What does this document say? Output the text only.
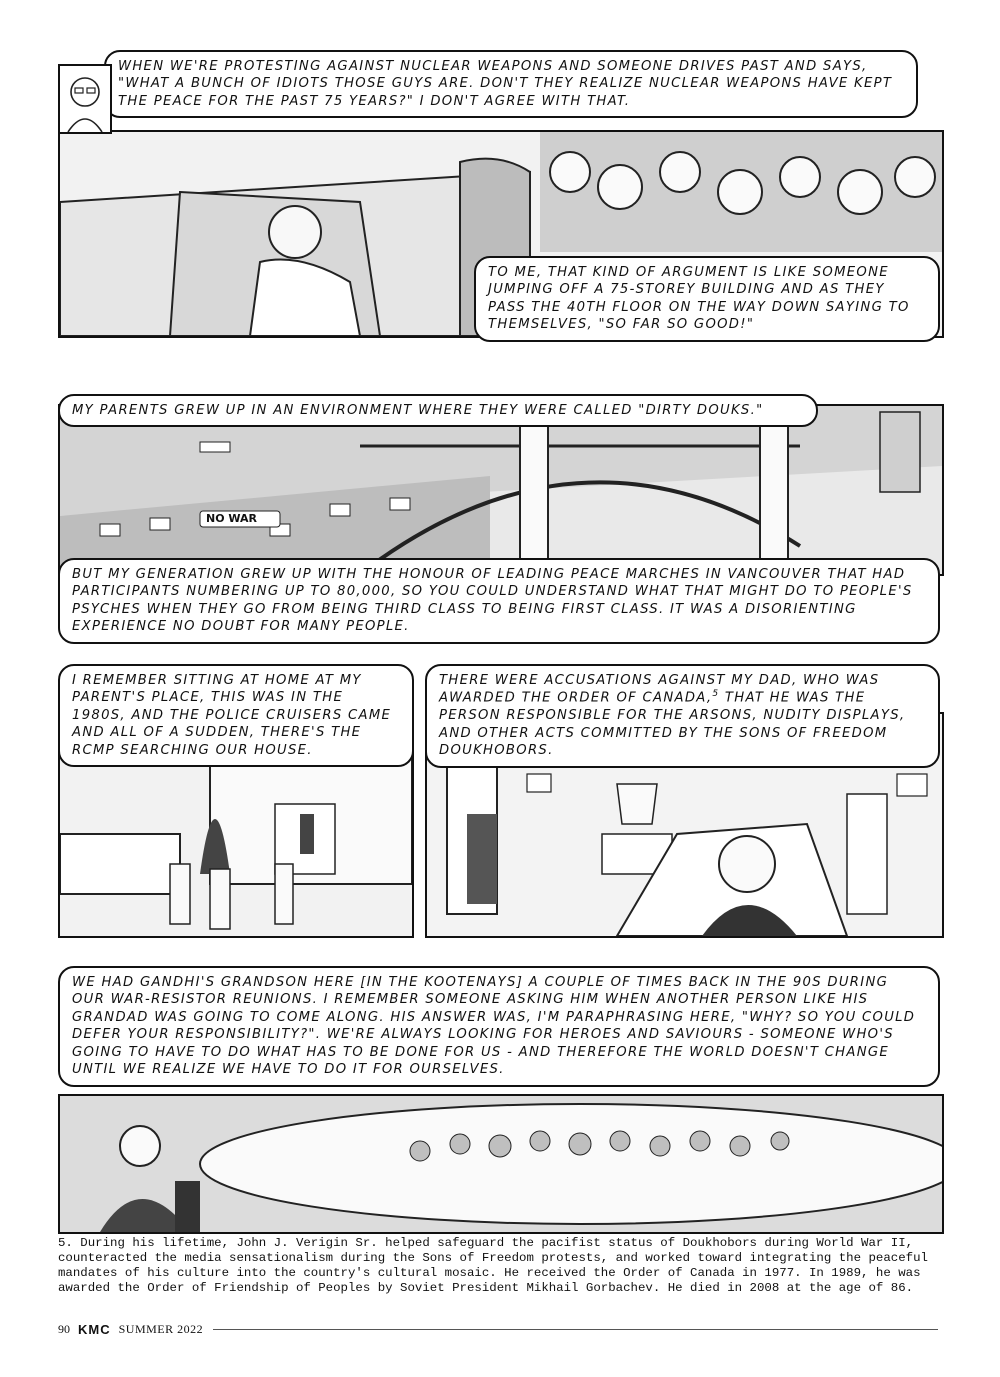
WHEN WE'RE PROTESTING AGAINST NUCLEAR WEAPONS AND SOMEONE DRIVES PAST AND SAYS, "WHAT A BUNCH OF IDIOTS THOSE GUYS ARE. DON'T THEY REALIZE NUCLEAR WEAPONS HAVE KEPT THE PEACE FOR THE PAST 75 YEARS?" I DON'T AGREE WITH THAT.

TO ME, THAT KIND OF ARGUMENT IS LIKE SOMEONE JUMPING OFF A 75-STOREY BUILDING AND AS THEY PASS THE 40TH FLOOR ON THE WAY DOWN SAYING TO THEMSELVES, "SO FAR SO GOOD!"

NO WAR

MY PARENTS GREW UP IN AN ENVIRONMENT WHERE THEY WERE CALLED "DIRTY DOUKS."

BUT MY GENERATION GREW UP WITH THE HONOUR OF LEADING PEACE MARCHES IN VANCOUVER THAT HAD PARTICIPANTS NUMBERING UP TO 80,000, SO YOU COULD UNDERSTAND WHAT THAT MIGHT DO TO PEOPLE'S PSYCHES WHEN THEY GO FROM BEING THIRD CLASS TO BEING FIRST CLASS. IT WAS A DISORIENTING EXPERIENCE NO DOUBT FOR MANY PEOPLE.

I REMEMBER SITTING AT HOME AT MY PARENT'S PLACE, THIS WAS IN THE 1980S, AND THE POLICE CRUISERS CAME AND ALL OF A SUDDEN, THERE'S THE RCMP SEARCHING OUR HOUSE.

THERE WERE ACCUSATIONS AGAINST MY DAD, WHO WAS AWARDED THE ORDER OF CANADA,$^5$ THAT HE WAS THE PERSON RESPONSIBLE FOR THE ARSONS, NUDITY DISPLAYS, AND OTHER ACTS COMMITTED BY THE SONS OF FREEDOM DOUKHOBORS.

WE HAD GANDHI'S GRANDSON HERE [IN THE KOOTENAYS] A COUPLE OF TIMES BACK IN THE 90S DURING OUR WAR-RESISTOR REUNIONS. I REMEMBER SOMEONE ASKING HIM WHEN ANOTHER PERSON LIKE HIS GRANDAD WAS GOING TO COME ALONG. HIS ANSWER WAS, I'M PARAPHRASING HERE, "WHY? SO YOU COULD DEFER YOUR RESPONSIBILITY?". WE'RE ALWAYS LOOKING FOR HEROES AND SAVIOURS - SOMEONE WHO'S GOING TO HAVE TO DO WHAT HAS TO BE DONE FOR US - AND THEREFORE THE WORLD DOESN'T CHANGE UNTIL WE REALIZE WE HAVE TO DO IT FOR OURSELVES.

5. During his lifetime, John J. Verigin Sr. helped safeguard the pacifist status of Doukhobors during World War II, counteracted the media sensationalism during the Sons of Freedom protests, and worked toward integrating the peaceful mandates of his culture into the country's cultural mosaic. He received the Order of Canada in 1977. In 1989, he was awarded the Order of Friendship of Peoples by Soviet President Mikhail Gorbachev. He died in 2008 at the age of 86.

90 KMC SUMMER 2022
